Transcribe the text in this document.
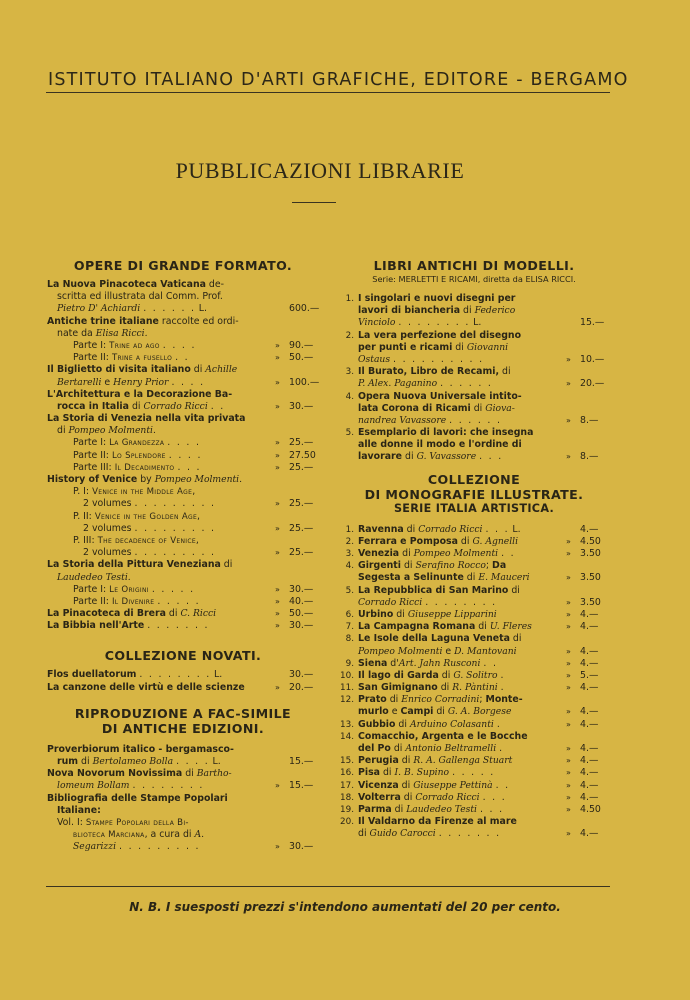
ISTITUTO ITALIANO D'ARTI GRAFICHE, EDITORE - BERGAMO
PUBBLICAZIONI LIBRARIE
OPERE DI GRANDE FORMATO.
La Nuova Pinacoteca Vaticana de-
scritta ed illustrata dal Comm. Prof.
Pietro D' Achiardi . . . . . . L.	600.—
Antiche trine italiane raccolte ed ordi-
nate da Elisa Ricci.
Parte I: Trine ad ago . . . .	» 90.—
Parte II: Trine a fusello . .	» 50.—
Il Biglietto di visita italiano di Achille
Bertarelli e Henry Prior . . . .	» 100.—
L'Architettura e la Decorazione Ba-
rocca in Italia di Corrado Ricci . .	» 30.—
La Storia di Venezia nella vita privata
di Pompeo Molmenti.
Parte I: La Grandezza . . . .	» 25.—
Parte II: Lo Splendore . . . .	» 27.50
Parte III: Il Decadimento . . .	» 25.—
History of Venice by Pompeo Molmenti.
P. I: Venice in the Middle Age,
2 volumes . . . . . . . . .	» 25.—
P. II: Venice in the Golden Age,
2 volumes . . . . . . . . .	» 25.—
P. III: The decadence of Venice,
2 volumes . . . . . . . . .	» 25.—
La Storia della Pittura Veneziana di
Laudedeo Testi.
Parte I: Le Origini . . . . .	» 30.—
Parte II: Il Divenire . . . . .	» 40.—
La Pinacoteca di Brera di C. Ricci	» 50.—
La Bibbia nell'Arte . . . . . . .	» 30.—
COLLEZIONE NOVATI.
Flos duellatorum . . . . . . . . L.	30.—
La canzone delle virtù e delle scienze	» 20.—
RIPRODUZIONE A FAC-SIMILE
DI ANTICHE EDIZIONI.
Proverbiorum italico - bergamasco-
rum di Bertolameo Bolla . . . . L.	15.—
Nova Novorum Novissima di Bartho-
lomeum Bollam . . . . . . . .	» 15.—
Bibliografia delle Stampe Popolari
Italiane:
Vol. I: Stampe Popolari della Bi-
blioteca Marciana, a cura di A.
Segarizzi . . . . . . . . .	» 30.—
LIBRI ANTICHI DI MODELLI.
Serie: MERLETTI E RICAMI, diretta da ELISA RICCI.
1. I singolari e nuovi disegni per
lavori di biancheria di Federico
Vinciolo . . . . . . . . L.	15.—
2. La vera perfezione del disegno
per punti e ricami di Giovanni
Ostaus . . . . . . . . . .	» 10.—
3. Il Burato, Libro de Recami, di
P. Alex. Paganino . . . . . .	» 20.—
4. Opera Nuova Universale intito-
lata Corona di Ricami di Giova-
nandrea Vavassore . . . . . .	» 8.—
5. Esemplario di lavori: che insegna
alle donne il modo e l'ordine di
lavorare di G. Vavassore . . .	» 8.—
COLLEZIONE
DI MONOGRAFIE ILLUSTRATE.
SERIE ITALIA ARTISTICA.
1. Ravenna di Corrado Ricci . . . L.	4.—
2. Ferrara e Pomposa di G. Agnelli	» 4.50
3. Venezia di Pompeo Molmenti . .	» 3.50
4. Girgenti di Serafino Rocco; Da
Segesta a Selinunte di E. Mauceri	» 3.50
5. La Repubblica di San Marino di
Corrado Ricci . . . . . . . .	» 3.50
6. Urbino di Giuseppe Lipparini	» 4.—
7. La Campagna Romana di U. Fleres	» 4.—
8. Le Isole della Laguna Veneta di
Pompeo Molmenti e D. Mantovani	» 4.—
9. Siena d'Art. Jahn Rusconi . .	» 4.—
10. Il lago di Garda di G. Solitro .	» 5.—
11. San Gimignano di R. Pàntini .	» 4.—
12. Prato di Enrico Corradini; Monte-
murlo e Campi di G. A. Borgese	» 4.—
13. Gubbio di Arduino Colasanti .	» 4.—
14. Comacchio, Argenta e le Bocche
del Po di Antonio Beltramelli .	» 4.—
15. Perugia di R. A. Gallenga Stuart	» 4.—
16. Pisa di I. B. Supino . . . . .	» 4.—
17. Vicenza di Giuseppe Pettinà . .	» 4.—
18. Volterra di Corrado Ricci . . .	» 4.—
19. Parma di Laudedeo Testi . . .	» 4.50
20. Il Valdarno da Firenze al mare
di Guido Carocci . . . . . . .	» 4.—
N. B. I suesposti prezzi s'intendono aumentati del 20 per cento.
